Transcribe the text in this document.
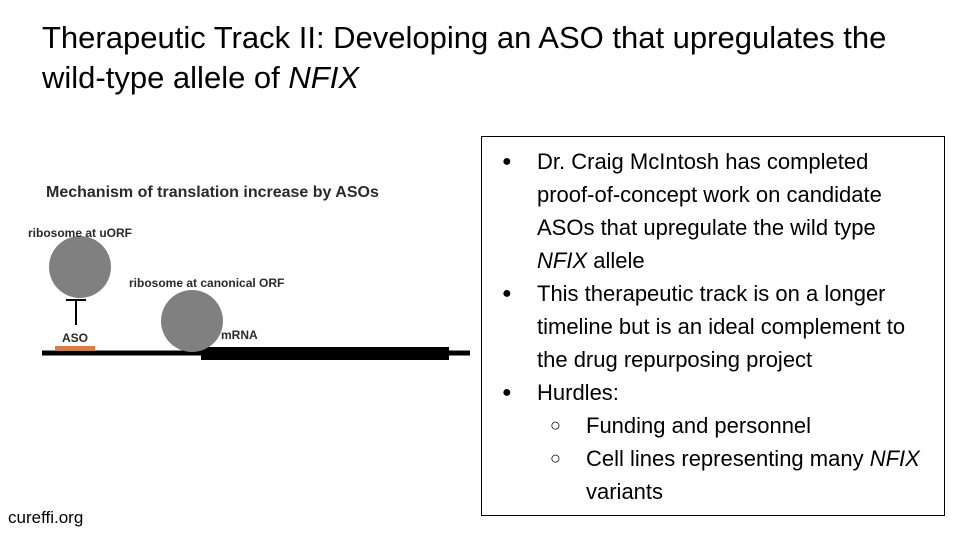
Therapeutic Track II: Developing an ASO that upregulates the wild-type allele of NFIX
Mechanism of translation increase by ASOs
ribosome at uORF
ribosome at canonical ORF
ASO	mRNA
● Dr. Craig McIntosh has completed proof-of-concept work on candidate ASOs that upregulate the wild type NFIX allele
● This therapeutic track is on a longer timeline but is an ideal complement to the drug repurposing project
● Hurdles:
○ Funding and personnel
○ Cell lines representing many NFIX variants
cureffi.org
